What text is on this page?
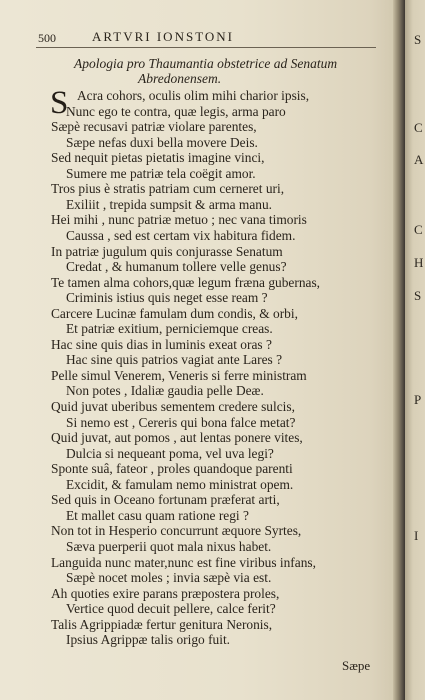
500	ARTVRI IONSTONI
Apologia pro Thaumantia obstetrice ad Senatum
Abredonensem.
S Acra cohors, oculis olim mihi charior ipsis,
Nunc ego te contra, quæ legis, arma paro
Sæpè recusavi patriæ violare parentes,
Sæpe nefas duxi bella movere Deis.
Sed nequit pietas pietatis imagine vinci,
Sumere me patriæ tela coëgit amor.
Tros pius è stratis patriam cum cerneret uri,
Exiliit , trepida sumpsit & arma manu.
Hei mihi , nunc patriæ metuo ; nec vana timoris
Caussa , sed est certam vix habitura fidem.
In patriæ jugulum quis conjurasse Senatum
Credat , & humanum tollere velle genus?
Te tamen alma cohors,quæ legum fræna gubernas,
Criminis istius quis neget esse ream ?
Carcere Lucinæ famulam dum condis, & orbi,
Et patriæ exitium, perniciemque creas.
Hac sine quis dias in luminis exeat oras ?
Hac sine quis patrios vagiat ante Lares ?
Pelle simul Venerem, Veneris si ferre ministram
Non potes , Idaliæ gaudia pelle Deæ.
Quid juvat uberibus sementem credere sulcis,
Si nemo est , Cereris qui bona falce metat?
Quid juvat, aut pomos , aut lentas ponere vites,
Dulcia si nequeant poma, vel uva legi?
Sponte suâ, fateor , proles quandoque parenti
Excidit, & famulam nemo ministrat opem.
Sed quis in Oceano fortunam præferat arti,
Et mallet casu quam ratione regi ?
Non tot in Hesperio concurrunt æquore Syrtes,
Sæva puerperii quot mala nixus habet.
Languida nunc mater,nunc est fine viribus infans,
Sæpè nocet moles ; invia sæpè via est.
Ah quoties exire parans præpostera proles,
Vertice quod decuit pellere, calce ferit?
Talis Agrippiadæ fertur genitura Neronis,
Ipsius Agrippæ talis origo fuit.
Sæpe
S
C
A
C
H
S
P
I
